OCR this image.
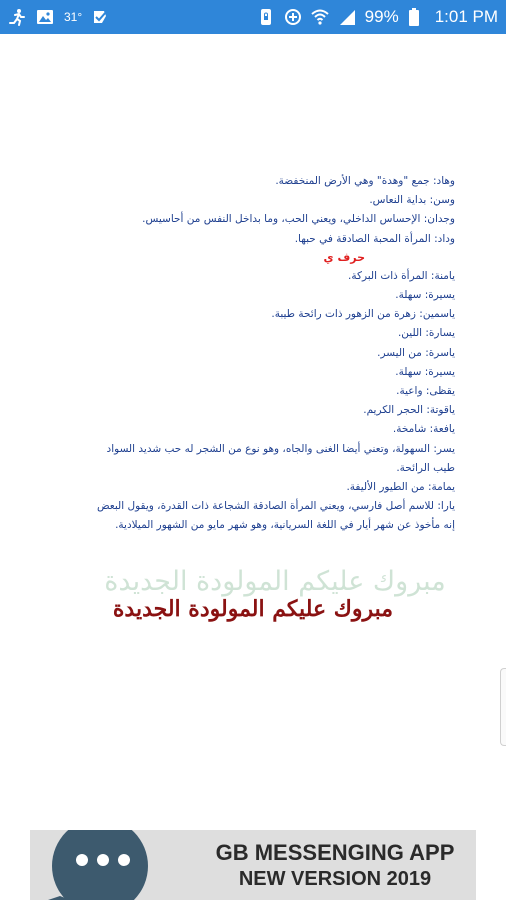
31°	99% 1:01 PM
وهاد: جمع "وهدة" وهي الأرض المنخفضة.
وسن: بداية النعاس.
وجدان: الإحساس الداخلي، ويعني الحب، وما بداخل النفس من أحاسيس.
وداد: المرأة المحبة الصادقة في حبها.
حرف ي
يامنة: المرأة ذات البركة.
يسيرة: سهلة.
ياسمين: زهرة من الزهور ذات رائحة طيبة.
يسارة: اللين.
ياسرة: من اليسر.
يسيرة: سهلة.
يقظى: واعية.
ياقوتة: الحجر الكريم.
يافعة: شامخة.
يسر: السهولة، وتعني أيضا الغنى والجاه، وهو نوع من الشجر له حب شديد السواد طيب الرائحة.
يمامة: من الطيور الأليفة.
يارا: للاسم أصل فارسي، ويعني المرأة الصادقة الشجاعة ذات القدرة، ويقول البعض إنه مأخوذ عن شهر أيار في اللغة السريانية، وهو شهر مايو من الشهور الميلادية.
مبروك عليكم المولودة الجديدة
مبروك عليكم المولودة الجديدة
GB MESSENGING APP
NEW VERSION 2019
